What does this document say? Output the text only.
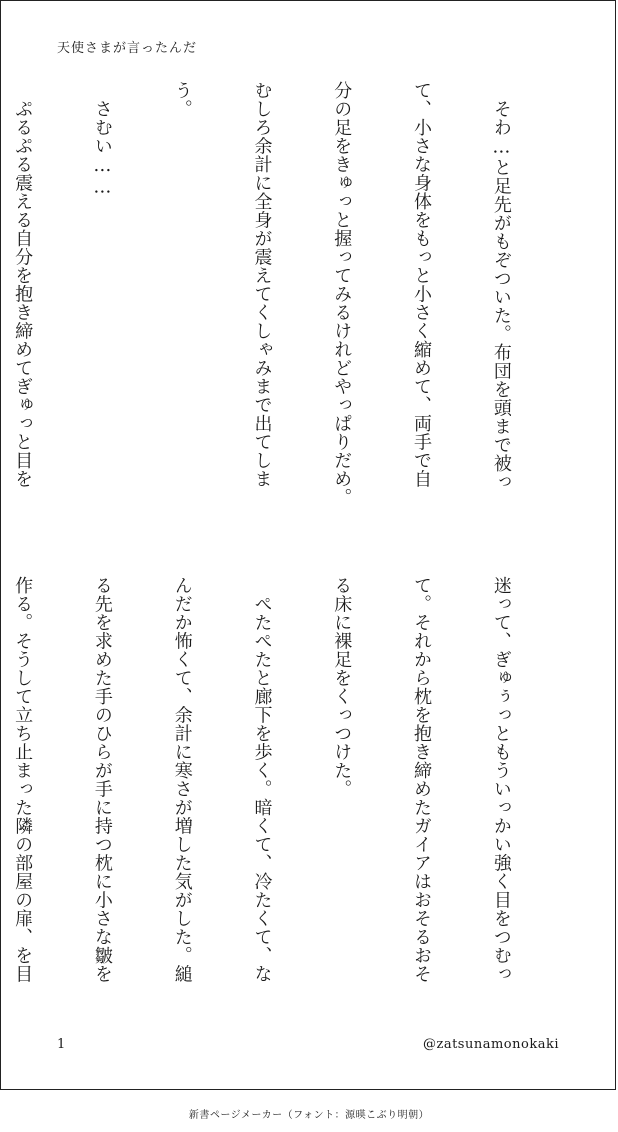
天使さまが言ったんだ

　そわ…と足先がもぞついた。布団を頭まで被っ

て、小さな身体をもっと小さく縮めて、両手で自

分の足をきゅっと握ってみるけれどやっぱりだめ。

むしろ余計に全身が震えてくしゃみまで出てしま

う。

　さむい……

　ぷるぷる震える自分を抱き締めてぎゅっと目を

迷って、ぎゅぅっともういっかい強く目をつむっ

て。それから枕を抱き締めたガイアはおそるおそ

る床に裸足をくっつけた。

　ぺたぺたと廊下を歩く。暗くて、冷たくて、な

んだか怖くて、余計に寒さが増した気がした。縋

る先を求めた手のひらが手に持つ枕に小さな皺を

作る。そうして立ち止まった隣の部屋の扉、を目

1	@zatsunamonokaki
新書ページメーカー（フォント：源暎こぶり明朝）
